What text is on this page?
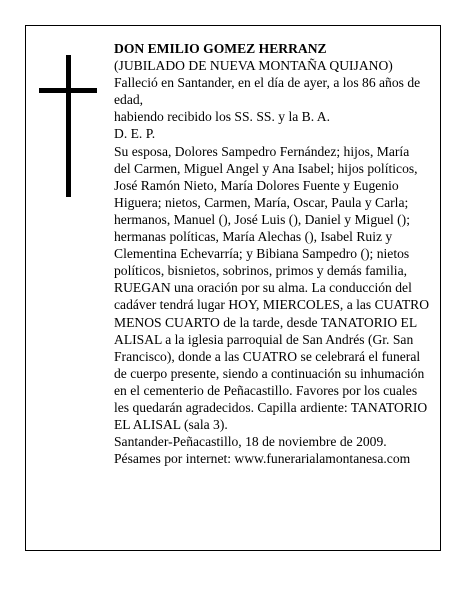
DON EMILIO GOMEZ HERRANZ

(JUBILADO DE NUEVA MONTAÑA QUIJANO)

Falleció en Santander, en el día de ayer, a los 86 años de edad,

habiendo recibido los SS. SS. y la B. A.

D. E. P.

Su esposa, Dolores Sampedro Fernández; hijos, María del Carmen, Miguel Angel y Ana Isabel; hijos políticos, José Ramón Nieto, María Dolores Fuente y Eugenio Higuera; nietos, Carmen, María, Oscar, Paula y Carla; hermanos, Manuel (), José Luis (), Daniel y Miguel (); hermanas políticas, María Alechas (), Isabel Ruiz y Clementina Echevarría; y Bibiana Sampedro (); nietos políticos, bisnietos, sobrinos, primos y demás familia,

RUEGAN una oración por su alma. La conducción del cadáver tendrá lugar HOY, MIERCOLES, a las CUATRO MENOS CUARTO de la tarde, desde TANATORIO EL ALISAL a la iglesia parroquial de San Andrés (Gr. San Francisco), donde a las CUATRO se celebrará el funeral de cuerpo presente, siendo a continuación su inhumación en el cementerio de Peñacastillo. Favores por los cuales les quedarán agradecidos. Capilla ardiente: TANATORIO EL ALISAL (sala 3).

Santander-Peñacastillo, 18 de noviembre de 2009.

Pésames por internet: www.funerarialamontanesa.com
